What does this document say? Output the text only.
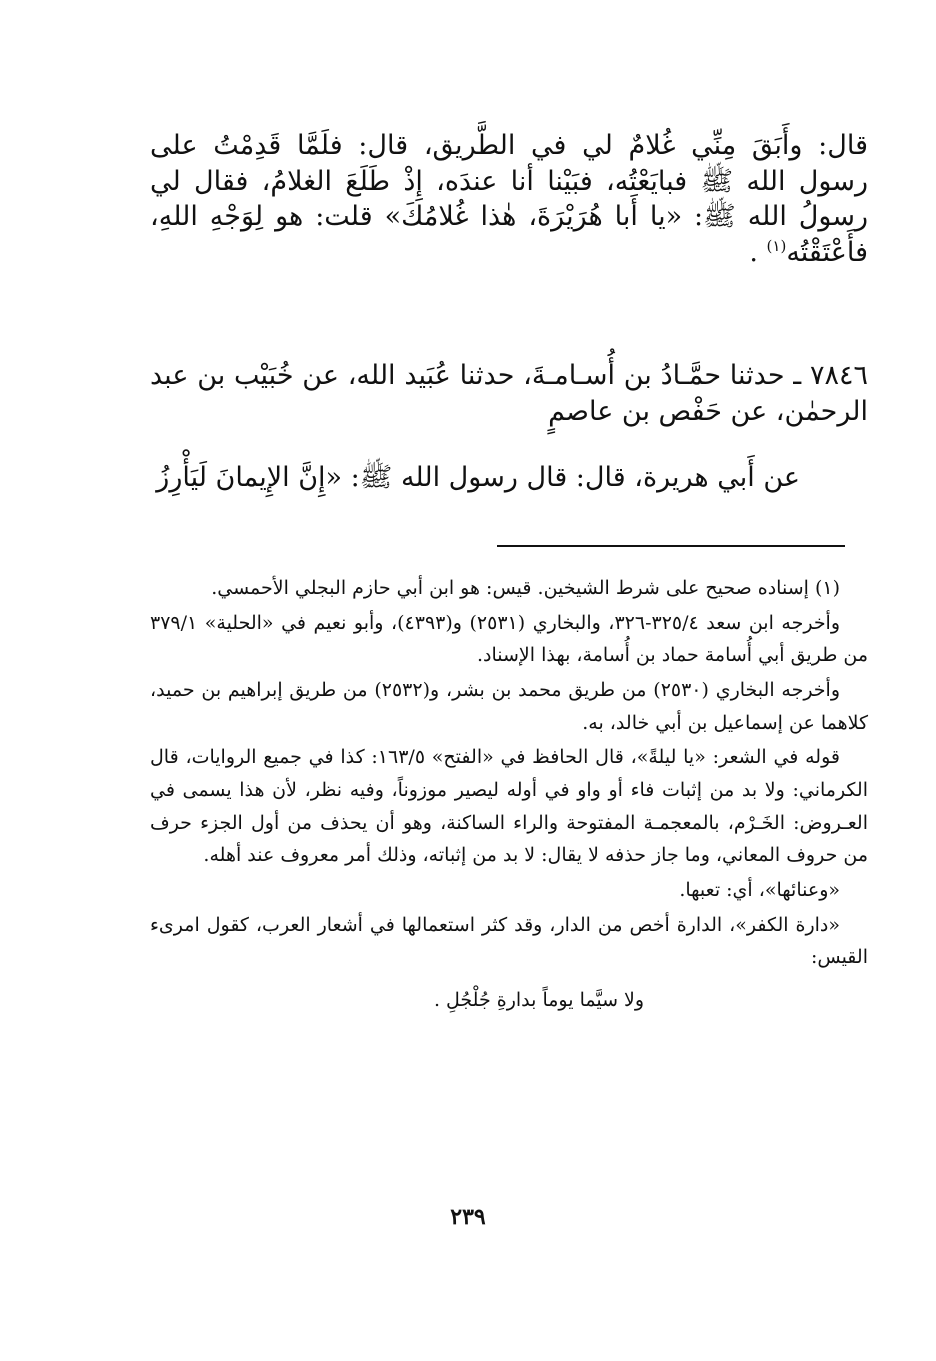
قال: وأَبَقَ مِنِّي غُلامٌ لي في الطَّريق، قال: فلَمَّا قَدِمْتُ على رسول الله ﷺ فبايَعْتُه، فبَيْنا أنا عندَه، إِذْ طَلَعَ الغلامُ، فقال لي رسولُ الله ﷺ: «يا أَبا هُرَيْرَةَ، هٰذا غُلامُكَ» قلت: هو لِوَجْهِ اللهِ، فأَعْتَقْتُه$^{(١)}$ .

٧٨٤٦ ـ حدثنا حمَّـادُ بن أُسـامـةَ، حدثنا عُبَيد الله، عن خُبَيْب بن عبد الرحمٰن، عن حَفْص بن عاصمٍ

عن أَبي هريرة، قال: قال رسول الله ﷺ: «إِنَّ الإِيمانَ لَيَأْرِزُ

(١) إسناده صحيح على شرط الشيخين. قيس: هو ابن أبي حازم البجلي الأحمسي.

وأخرجه ابن سعد ٣٢٥/٤-٣٢٦، والبخاري (٢٥٣١) و(٤٣٩٣)، وأبو نعيم في «الحلية» ٣٧٩/١ من طريق أبي أُسامة حماد بن أُسامة، بهذا الإسناد.

وأخرجه البخاري (٢٥٣٠) من طريق محمد بن بشر، و(٢٥٣٢) من طريق إبراهيم بن حميد، كلاهما عن إسماعيل بن أبي خالد، به.

قوله في الشعر: «يا ليلةً»، قال الحافظ في «الفتح» ١٦٣/٥: كذا في جميع الروايات، قال الكرماني: ولا بد من إثبات فاء أو واو في أوله ليصير موزوناً، وفيه نظر، لأن هذا يسمى في العـروض: الخَـرْم، بالمعجمـة المفتوحة والراء الساكنة، وهو أن يحذف من أول الجزء حرف من حروف المعاني، وما جاز حذفه لا يقال: لا بد من إثباته، وذلك أمر معروف عند أهله.

«وعنائها»، أي: تعبها.

«دارة الكفر»، الدارة أخص من الدار، وقد كثر استعمالها في أشعار العرب، كقول امرىء القيس:

ولا سيَّما يوماً بدارةِ جُلْجُلِ .

٢٣٩
